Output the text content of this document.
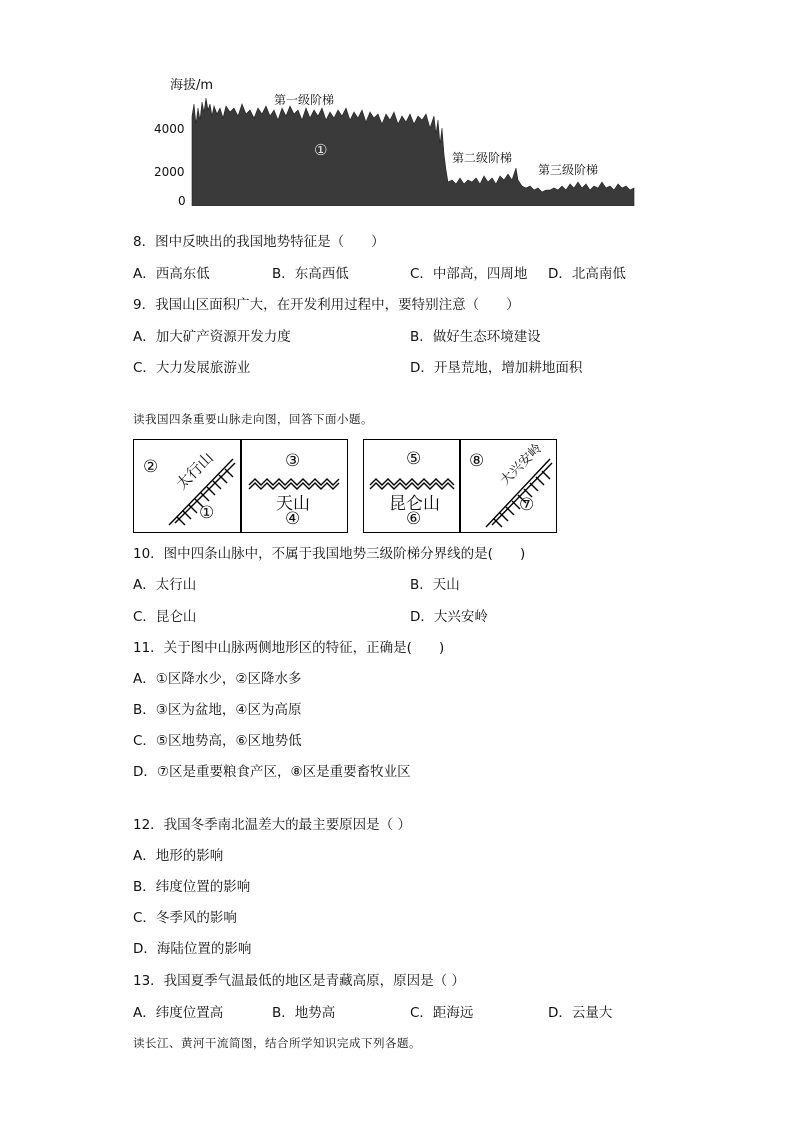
海拔/m
4000
2000
0
第一级阶梯
第二级阶梯
第三级阶梯
①
8．图中反映出的我国地势特征是（　　）
A．西高东低	B．东高西低	C．中部高，四周地 D．北高南低
9．我国山区面积广大，在开发利用过程中，要特别注意（　　）
A．加大矿产资源开发力度	B．做好生态环境建设
C．大力发展旅游业	D．开垦荒地，增加耕地面积
读我国四条重要山脉走向图，回答下面小题。
②
①
太行山	③
天山
④
⑤
昆仑山
⑥
⑧
⑦
大兴安岭
10．图中四条山脉中，不属于我国地势三级阶梯分界线的是(　　)
A．太行山	B．天山
C．昆仑山	D．大兴安岭
11．关于图中山脉两侧地形区的特征，正确是(　　)
A．①区降水少，②区降水多
B．③区为盆地，④区为高原
C．⑤区地势高，⑥区地势低
D．⑦区是重要粮食产区，⑧区是重要畜牧业区
12．我国冬季南北温差大的最主要原因是（ ）
A．地形的影响
B．纬度位置的影响
C．冬季风的影响
D．海陆位置的影响
13．我国夏季气温最低的地区是青藏高原，原因是（ ）
A．纬度位置高	B．地势高	C．距海远	D．云量大
读长江、黄河干流简图，结合所学知识完成下列各题。
